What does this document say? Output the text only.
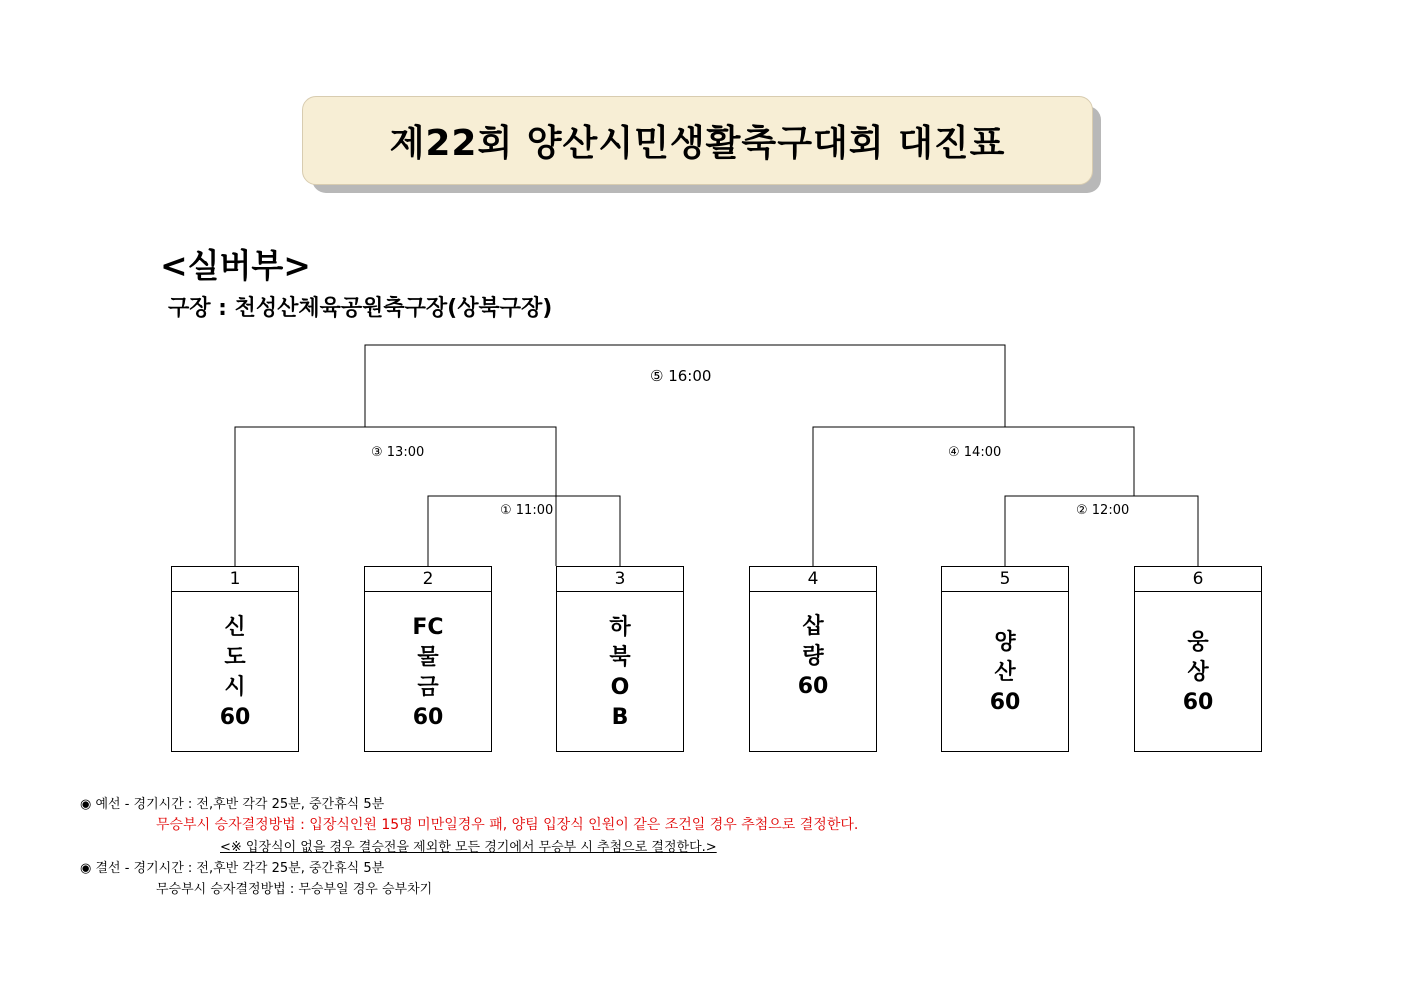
제22회 양산시민생활축구대회 대진표
<실버부>
구장 : 천성산체육공원축구장(상북구장)
⑤ 16:00
③ 13:00	④ 14:00
① 11:00	② 12:00
1
신
도
시
60
2
FC
물
금
60
3
하
북
O
B
4
삽
량
60
5
양
산
60
6
웅
상
60
◉ 예선 - 경기시간 : 전,후반 각각 25분, 중간휴식 5분
무승부시 승자결정방법 : 입장식인원 15명 미만일경우 패, 양팀 입장식 인원이 같은 조건일 경우 추첨으로 결정한다.
<※ 입장식이 없을 경우 결승전을 제외한 모든 경기에서 무승부 시 추첨으로 결정한다.>
◉ 결선 - 경기시간 : 전,후반 각각 25분, 중간휴식 5분
무승부시 승자결정방법 : 무승부일 경우 승부차기
